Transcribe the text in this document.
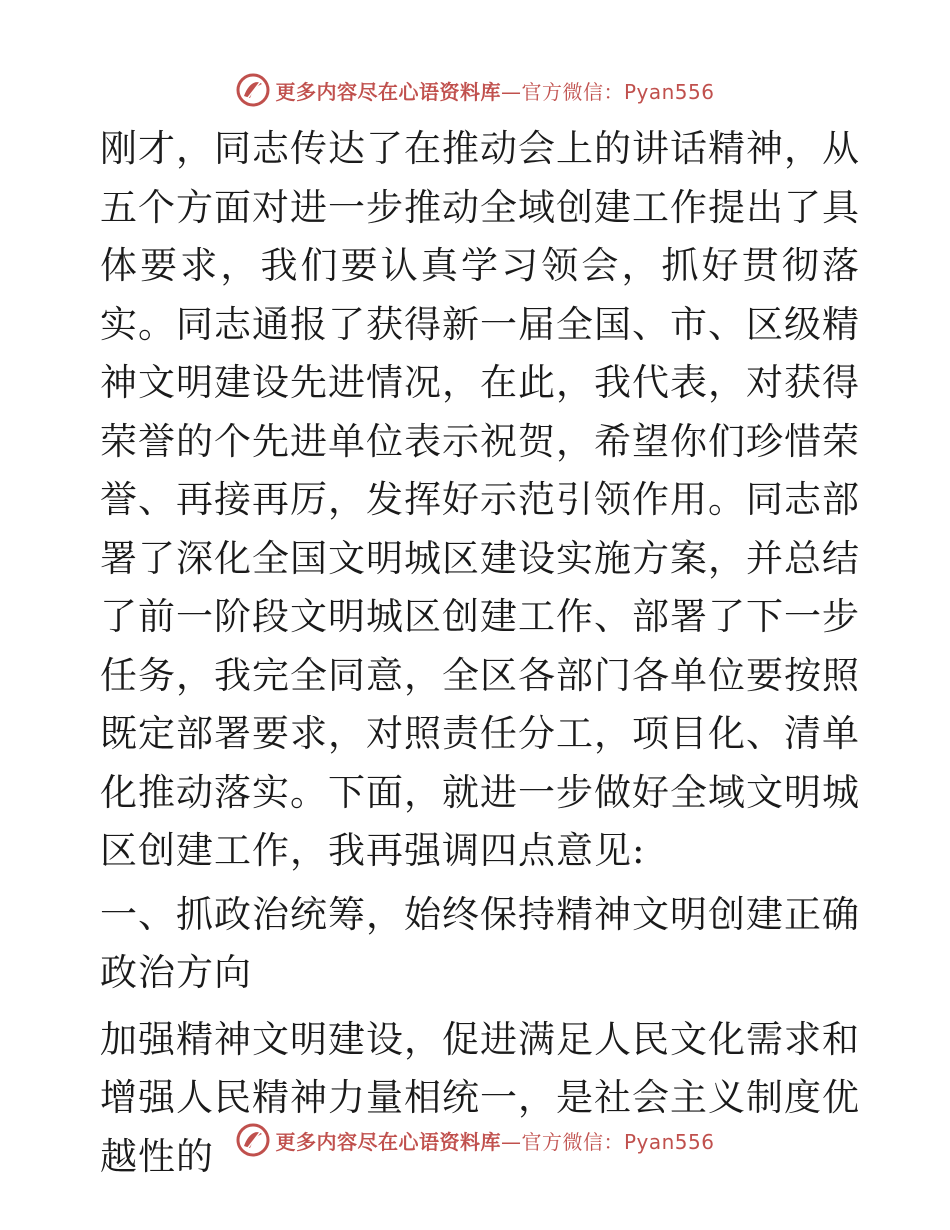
更多内容尽在心语资料库—官方微信：Pyan556

刚才，同志传达了在推动会上的讲话精神，从五个方面对进一步推动全域创建工作提出了具体要求，我们要认真学习领会，抓好贯彻落实。同志通报了获得新一届全国、市、区级精神文明建设先进情况，在此，我代表，对获得荣誉的个先进单位表示祝贺，希望你们珍惜荣誉、再接再厉，发挥好示范引领作用。同志部署了深化全国文明城区建设实施方案，并总结了前一阶段文明城区创建工作、部署了下一步任务，我完全同意，全区各部门各单位要按照既定部署要求，对照责任分工，项目化、清单化推动落实。下面，就进一步做好全域文明城区创建工作，我再强调四点意见:

一、抓政治统筹，始终保持精神文明创建正确政治方向

加强精神文明建设，促进满足人民文化需求和增强人民精神力量相统一，是社会主义制度优越性的	更多内容尽在心语资料库—官方微信：Pyan556
